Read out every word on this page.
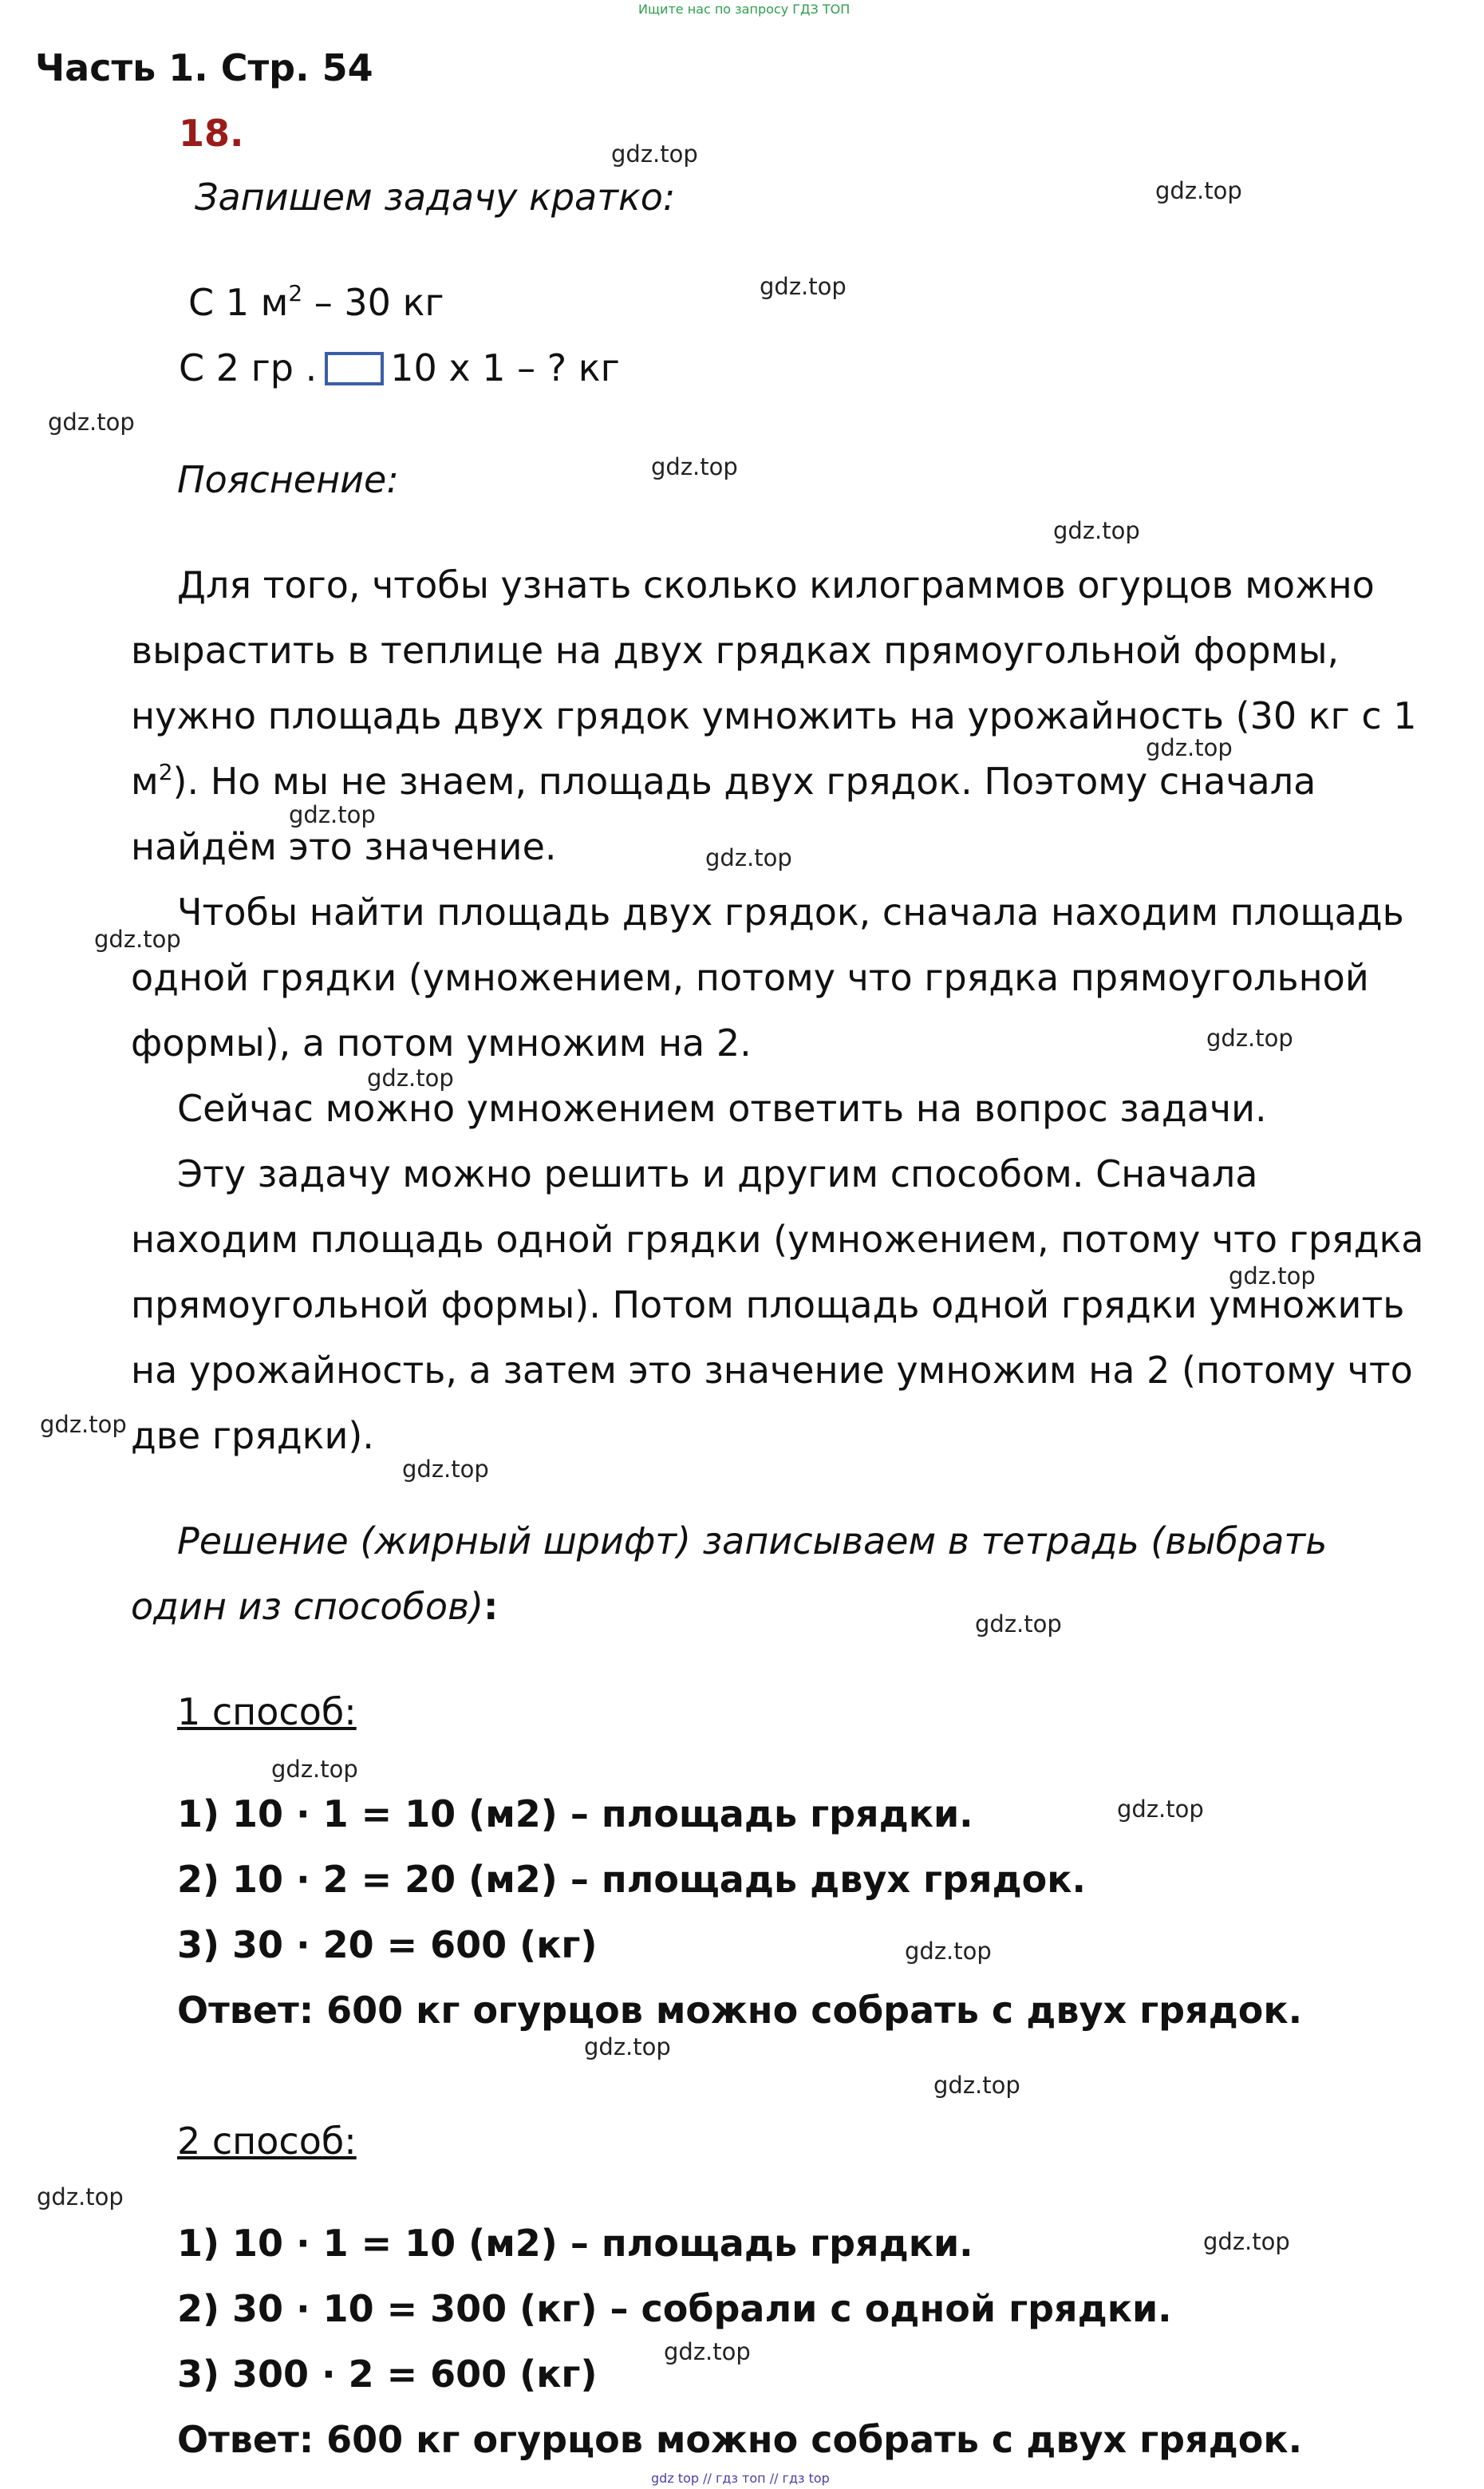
Ищите нас по запросу ГДЗ ТОП
Часть 1. Стр. 54
18.
Запишем задачу кратко:
С 1 $м^2 - 30$ кг
С 2 гр . 10 х 1 – ? кг
Пояснение:
Для того, чтобы узнать сколько килограммов огурцов можно
вырастить в теплице на двух грядках прямоугольной формы,
нужно площадь двух грядок умножить на урожайность (30 кг с 1
$м^2$). Но мы не знаем, площадь двух грядок. Поэтому сначала
найдём это значение.
Чтобы найти площадь двух грядок, сначала находим площадь
одной грядки (умножением, потому что грядка прямоугольной
формы), а потом умножим на 2.
Сейчас можно умножением ответить на вопрос задачи.
Эту задачу можно решить и другим способом. Сначала
находим площадь одной грядки (умножением, потому что грядка
прямоугольной формы). Потом площадь одной грядки умножить
на урожайность, а затем это значение умножим на 2 (потому что
две грядки).
Решение (жирный шрифт) записываем в тетрадь (выбрать
один из способов):
1 способ:
1) 10 · 1 = 10 (м2) – площадь грядки.
2) 10 · 2 = 20 (м2) – площадь двух грядок.
3) 30 · 20 = 600 (кг)
Ответ: 600 кг огурцов можно собрать с двух грядок.
2 способ:
1) 10 · 1 = 10 (м2) – площадь грядки.
2) 30 · 10 = 300 (кг) – собрали с одной грядки.
3) 300 · 2 = 600 (кг)
Ответ: 600 кг огурцов можно собрать с двух грядок.
gdz.top
gdz.top
gdz.top
gdz.top
gdz.top
gdz.top
gdz.top
gdz.top
gdz.top
gdz.top
gdz.top
gdz.top
gdz.top
gdz.top
gdz.top
gdz.top
gdz.top
gdz.top
gdz.top
gdz.top
gdz.top
gdz.top
gdz.top
gdz.top
gdz top // гдз топ // гдз top
